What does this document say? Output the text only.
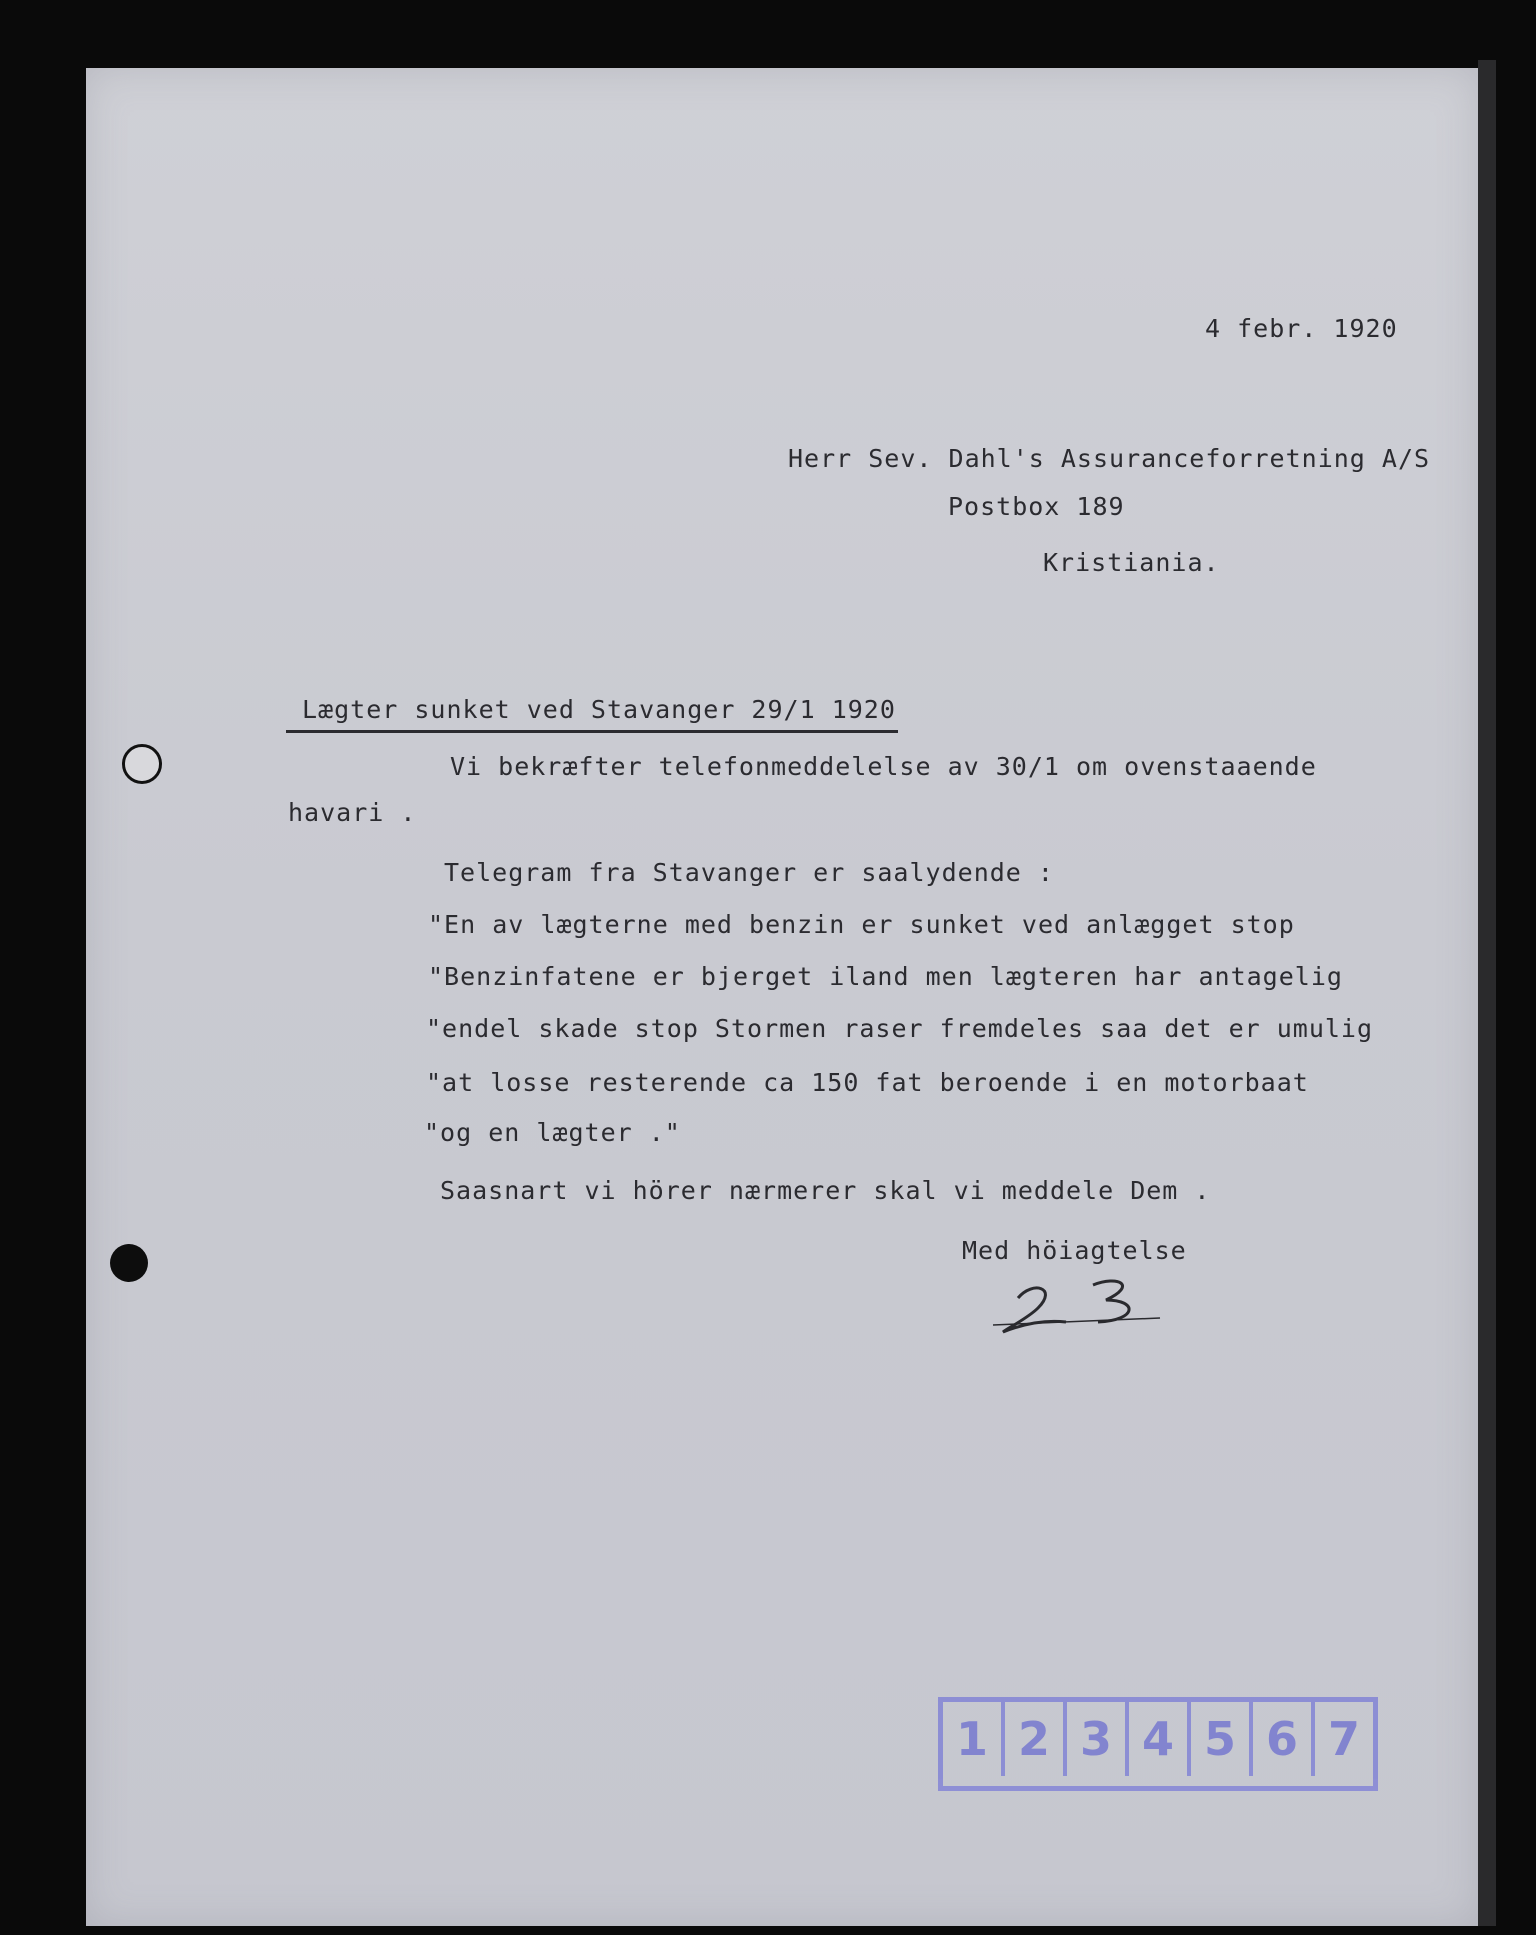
4 febr. 1920
Herr Sev. Dahl's Assuranceforretning A/S
Postbox 189
Kristiania.
Lægter sunket ved Stavanger 29/1 1920
Vi bekræfter telefonmeddelelse av 30/1 om ovenstaaende
havari .
Telegram fra Stavanger er saalydende :
"En av lægterne med benzin er sunket ved anlægget stop
"Benzinfatene er bjerget iland men lægteren har antagelig
"endel skade stop Stormen raser fremdeles saa det er umulig
"at losse resterende ca 150 fat beroende i en motorbaat
"og en lægter ."
Saasnart vi hörer nærmerer skal vi meddele Dem .
Med höiagtelse
1 2 3 4 5 6 7
